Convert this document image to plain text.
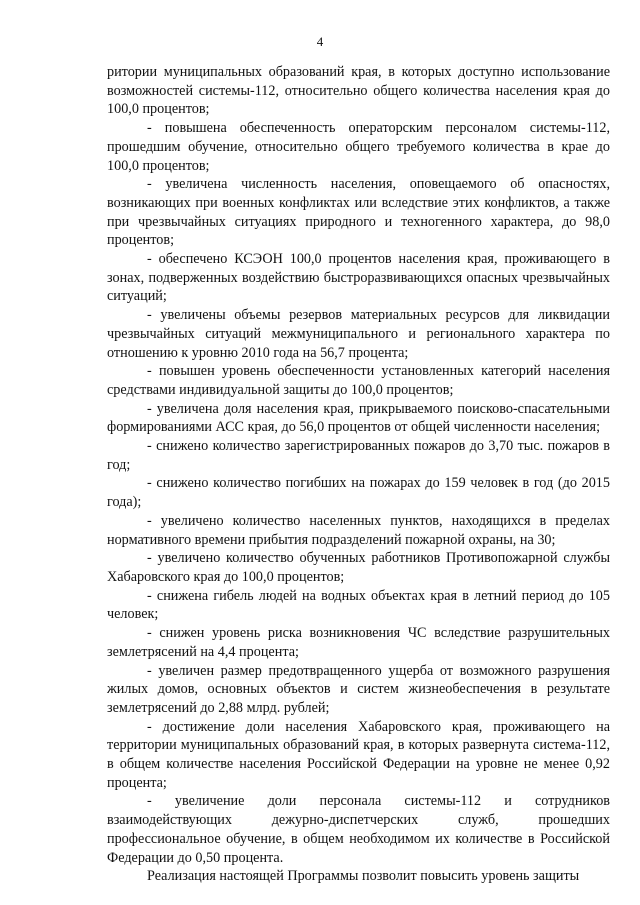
4

ритории муниципальных образований края, в которых доступно использование возможностей системы-112, относительно общего количества населения края до 100,0 процентов;

- повышена обеспеченность операторским персоналом системы-112, прошедшим обучение, относительно общего требуемого количества в крае до 100,0 процентов;

- увеличена численность населения, оповещаемого об опасностях, возникающих при военных конфликтах или вследствие этих конфликтов, а также при чрезвычайных ситуациях природного и техногенного характера, до 98,0 процентов;

- обеспечено КСЭОН 100,0 процентов населения края, проживающего в зонах, подверженных воздействию быстроразвивающихся опасных чрезвычайных ситуаций;

- увеличены объемы резервов материальных ресурсов для ликвидации чрезвычайных ситуаций межмуниципального и регионального характера по отношению к уровню 2010 года на 56,7 процента;

- повышен уровень обеспеченности установленных категорий населения средствами индивидуальной защиты до 100,0 процентов;

- увеличена доля населения края, прикрываемого поисково-спасательными формированиями АСС края, до 56,0 процентов от общей численности населения;

- снижено количество зарегистрированных пожаров до 3,70 тыс. пожаров в год;

- снижено количество погибших на пожарах до 159 человек в год (до 2015 года);

- увеличено количество населенных пунктов, находящихся в пределах нормативного времени прибытия подразделений пожарной охраны, на 30;

- увеличено количество обученных работников Противопожарной службы Хабаровского края до 100,0 процентов;

- снижена гибель людей на водных объектах края в летний период до 105 человек;

- снижен уровень риска возникновения ЧС вследствие разрушительных землетрясений на 4,4 процента;

- увеличен размер предотвращенного ущерба от возможного разрушения жилых домов, основных объектов и систем жизнеобеспечения в результате землетрясений до 2,88 млрд. рублей;

- достижение доли населения Хабаровского края, проживающего на территории муниципальных образований края, в которых развернута система-112, в общем количестве населения Российской Федерации на уровне не менее 0,92 процента;

- увеличение доли персонала системы-112 и сотрудников взаимодействующих дежурно-диспетчерских служб, прошедших профессиональное обучение, в общем необходимом их количестве в Российской Федерации до 0,50 процента.

Реализация настоящей Программы позволит повысить уровень защиты
